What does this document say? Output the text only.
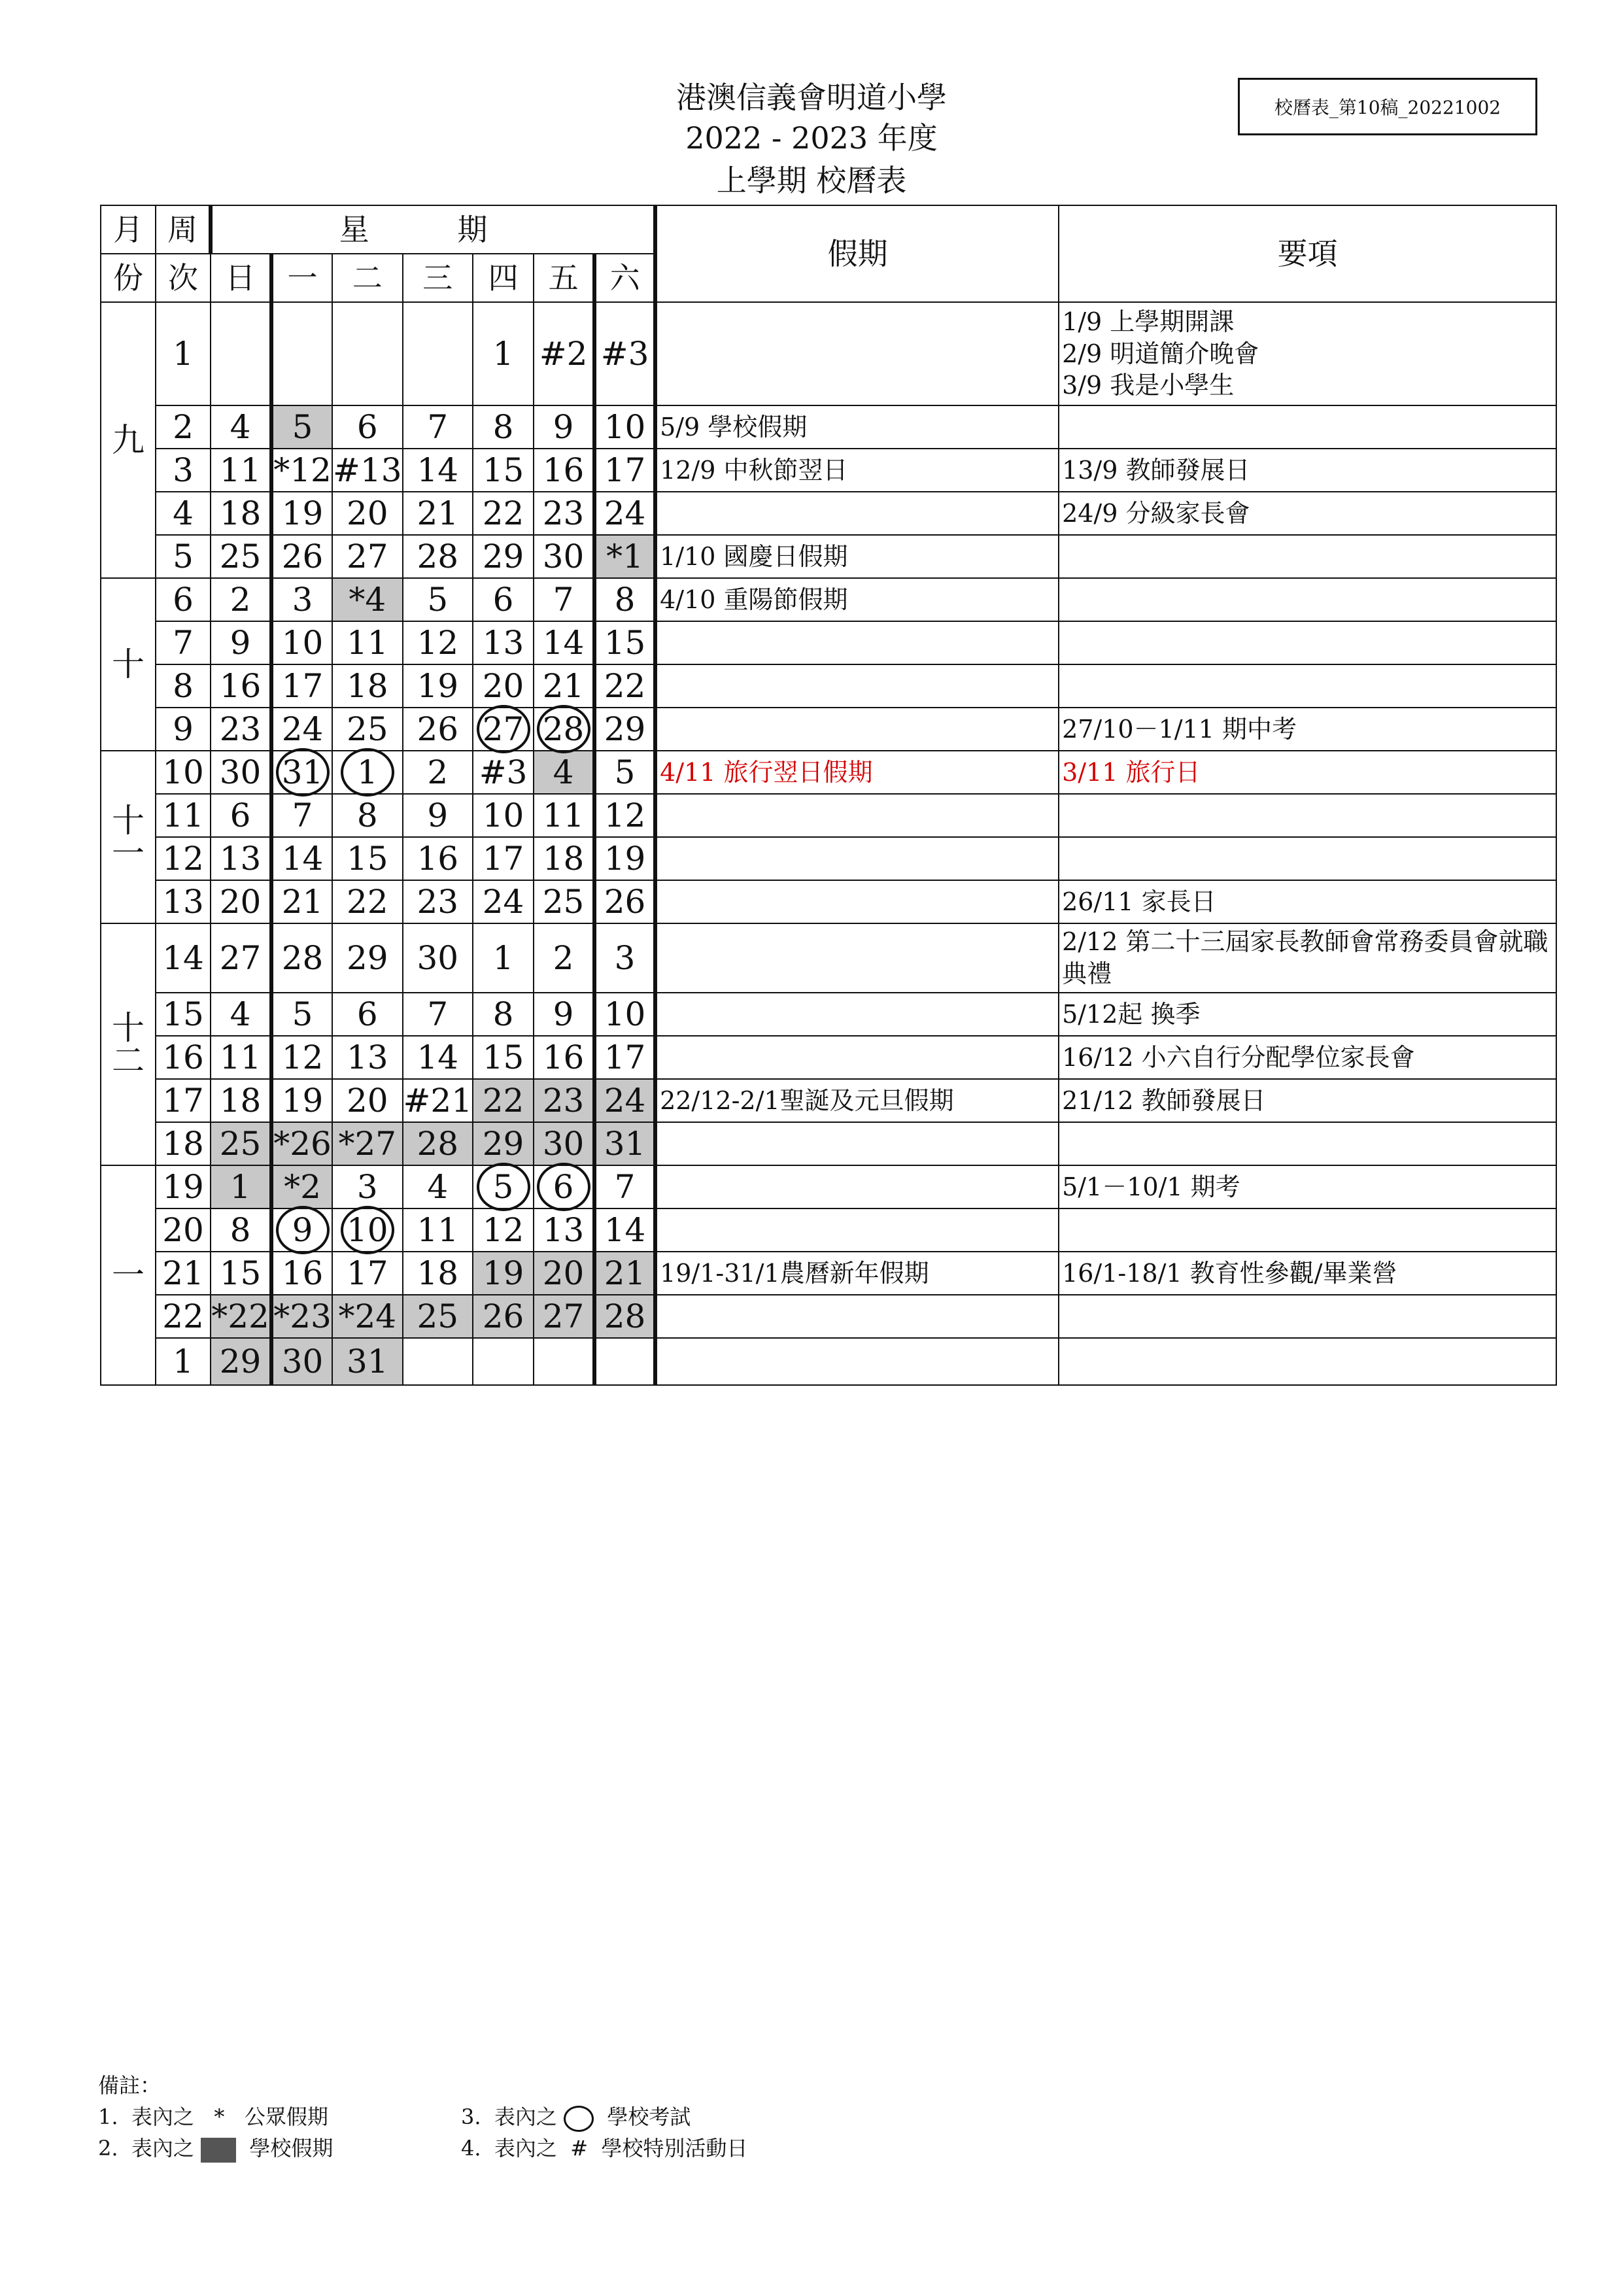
港澳信義會明道小學
2022 - 2023 年度
上學期 校曆表
校曆表_第10稿_20221002
月	周	星 期							假期	要項
份	次	日	一	二	三	四	五	六		
九	1					1	#2	#3		1/9 上學期開課
2/9 明道簡介晚會
3/9 我是小學生
	2	4	5	6	7	8	9	10	5/9 學校假期	
	3	11	*12	#13	14	15	16	17	12/9 中秋節翌日	13/9 教師發展日
	4	18	19	20	21	22	23	24		24/9 分級家長會
	5	25	26	27	28	29	30	*1	1/10 國慶日假期	
十	6	2	3	*4	5	6	7	8	4/10 重陽節假期	
	7	9	10	11	12	13	14	15		
	8	16	17	18	19	20	21	22		
	9	23	24	25	26	27	28	29		27/10－1/11 期中考
十
一	10	30	31	1	2	#3	4	5	4/11 旅行翌日假期	3/11 旅行日
	11	6	7	8	9	10	11	12		
	12	13	14	15	16	17	18	19		
	13	20	21	22	23	24	25	26		26/11 家長日
十
二	14	27	28	29	30	1	2	3		2/12 第二十三屆家長教師會常務委員會就職典禮
	15	4	5	6	7	8	9	10		5/12起 換季
	16	11	12	13	14	15	16	17		16/12 小六自行分配學位家長會
	17	18	19	20	#21	22	23	24	22/12-2/1聖誕及元旦假期	21/12 教師發展日
	18	25	*26	*27	28	29	30	31		
一	19	1	*2	3	4	5	6	7		5/1－10/1 期考
	20	8	9	10	11	12	13	14		
	21	15	16	17	18	19	20	21	19/1-31/1農曆新年假期	16/1-18/1 教育性參觀/畢業營
	22	*22	*23	*24	25	26	27	28		
	1	29	30	31						
備註：
1.  表內之 * 公眾假期	3.  表內之 學校考試
2.  表內之	學校假期	4.  表內之 # 學校特別活動日
